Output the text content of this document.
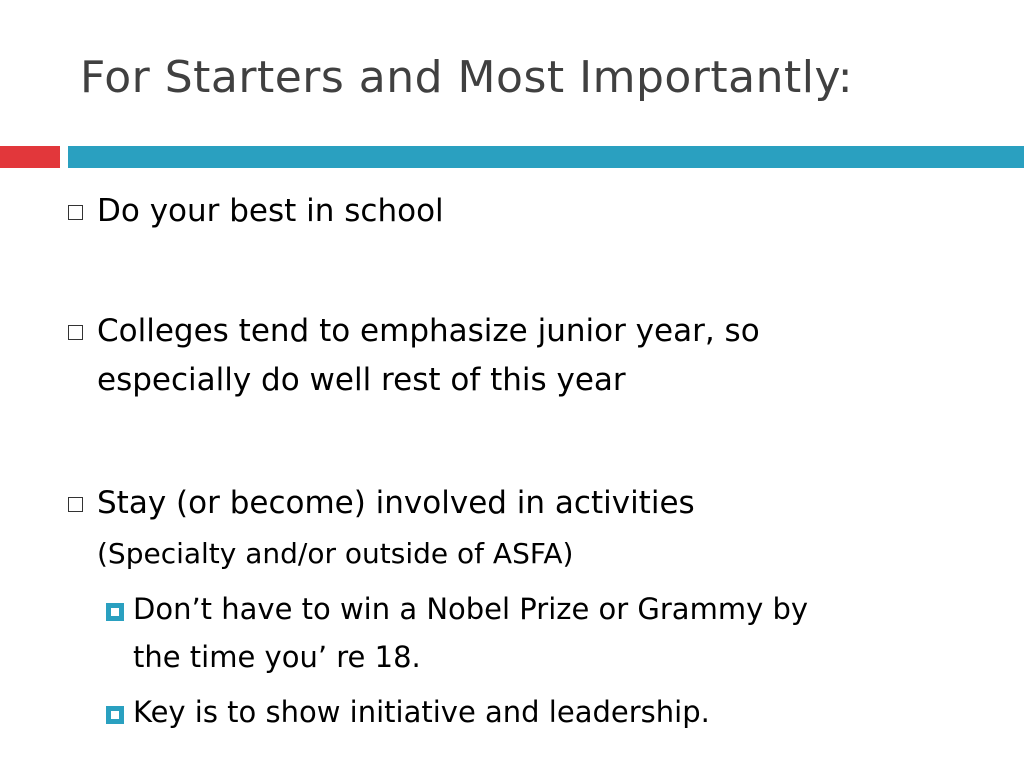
For Starters and Most Importantly:
Do your best in school
Colleges tend to emphasize junior year, so
especially do well rest of this year
Stay (or become) involved in activities
(Specialty and/or outside of ASFA)
Don’t have to win a Nobel Prize or Grammy by
the time you’ re 18.
Key is to show initiative and leadership.
